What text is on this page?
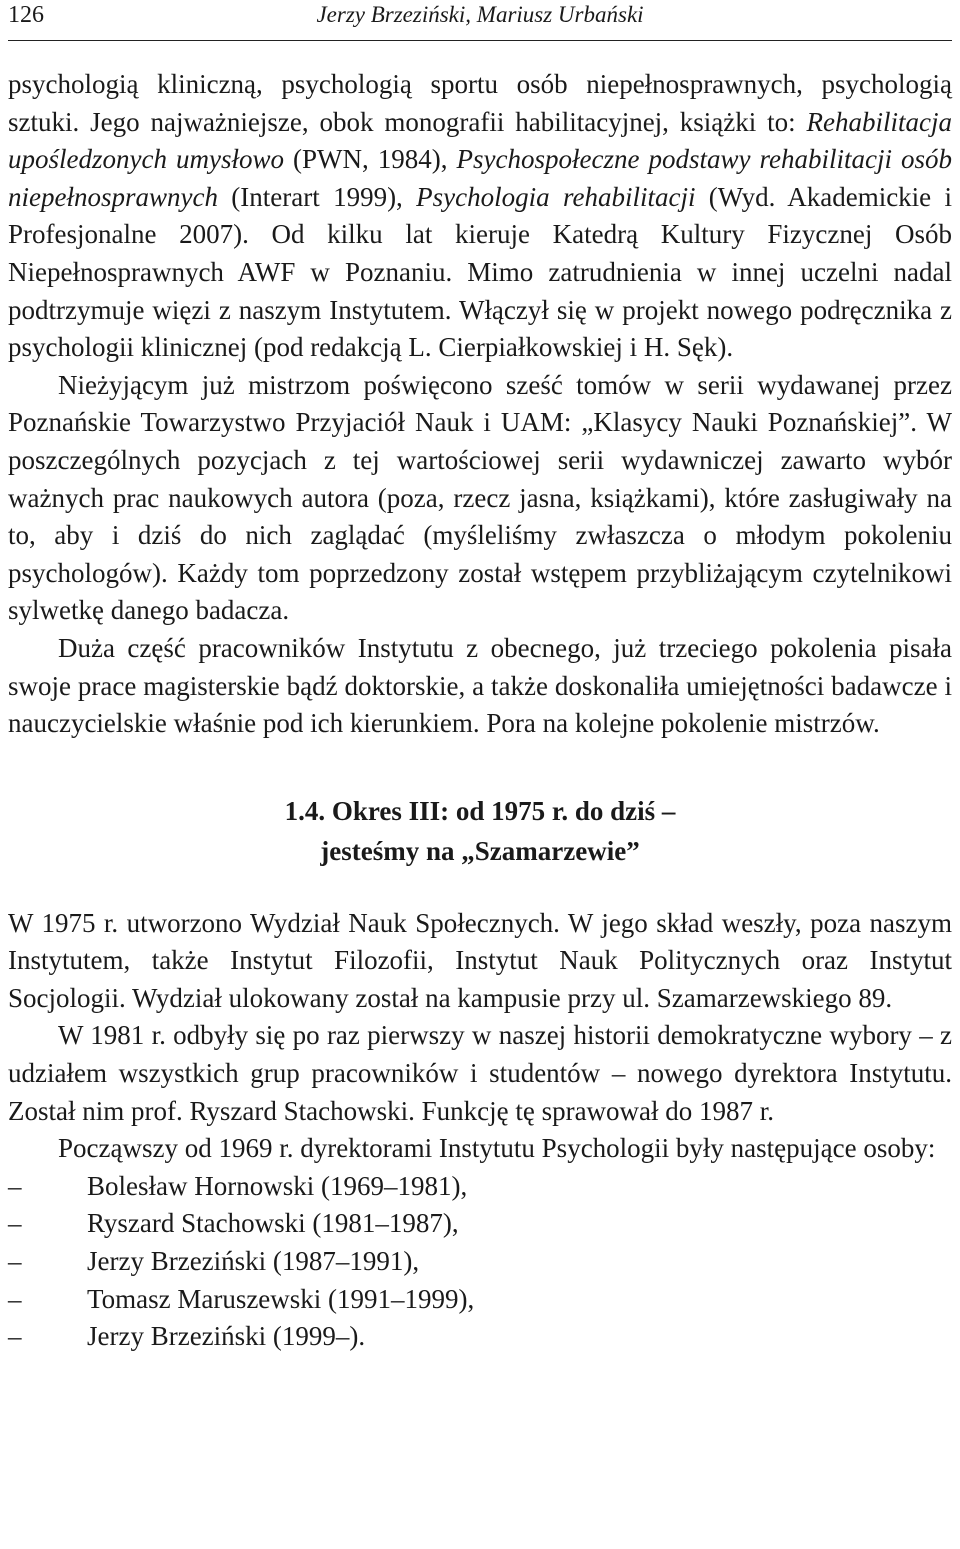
126	Jerzy Brzeziński, Mariusz Urbański

psychologią kliniczną, psychologią sportu osób niepełnosprawnych, psychologią sztuki. Jego najważniejsze, obok monografii habilitacyjnej, książki to: Rehabilitacja upośledzonych umysłowo (PWN, 1984), Psychospołeczne podstawy rehabilitacji osób niepełnosprawnych (Interart 1999), Psychologia rehabilitacji (Wyd. Akademickie i Profesjonalne 2007). Od kilku lat kieruje Katedrą Kultury Fizycznej Osób Niepełnosprawnych AWF w Poznaniu. Mimo zatrudnienia w innej uczelni nadal podtrzymuje więzi z naszym Instytutem. Włączył się w projekt nowego podręcznika z psychologii klinicznej (pod redakcją L. Cierpiałkowskiej i H. Sęk).

Nieżyjącym już mistrzom poświęcono sześć tomów w serii wydawanej przez Poznańskie Towarzystwo Przyjaciół Nauk i UAM: „Klasycy Nauki Poznańskiej”. W poszczególnych pozycjach z tej wartościowej serii wydawniczej zawarto wybór ważnych prac naukowych autora (poza, rzecz jasna, książkami), które zasługiwały na to, aby i dziś do nich zaglądać (myśleliśmy zwłaszcza o młodym pokoleniu psychologów). Każdy tom poprzedzony został wstępem przybliżającym czytelnikowi sylwetkę danego badacza.

Duża część pracowników Instytutu z obecnego, już trzeciego pokolenia pisała swoje prace magisterskie bądź doktorskie, a także doskonaliła umiejętności badawcze i nauczycielskie właśnie pod ich kierunkiem. Pora na kolejne pokolenie mistrzów.

1.4. Okres III: od 1975 r. do dziś –
jesteśmy na „Szamarzewie”

W 1975 r. utworzono Wydział Nauk Społecznych. W jego skład weszły, poza naszym Instytutem, także Instytut Filozofii, Instytut Nauk Politycznych oraz Instytut Socjologii. Wydział ulokowany został na kampusie przy ul. Szamarzewskiego 89.

W 1981 r. odbyły się po raz pierwszy w naszej historii demokratyczne wybory – z udziałem wszystkich grup pracowników i studentów – nowego dyrektora Instytutu. Został nim prof. Ryszard Stachowski. Funkcję tę sprawował do 1987 r.

Począwszy od 1969 r. dyrektorami Instytutu Psychologii były następujące osoby:

–	Bolesław Hornowski (1969–1981),
–	Ryszard Stachowski (1981–1987),
–	Jerzy Brzeziński (1987–1991),
–	Tomasz Maruszewski (1991–1999),
–	Jerzy Brzeziński (1999–).
